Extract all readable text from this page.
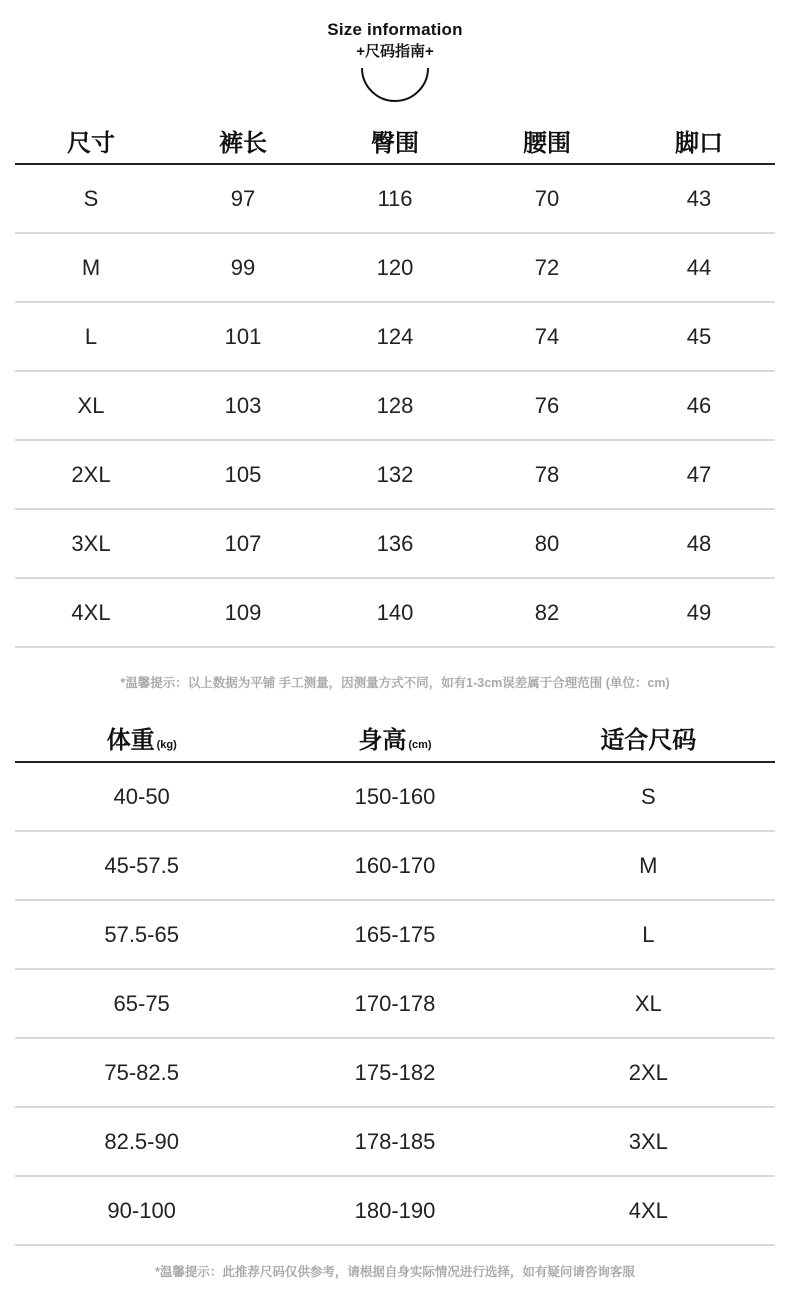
Size information
+尺码指南+
尺寸	裤长	臀围	腰围	脚口
S	97	116	70	43
M	99	120	72	44
L	101	124	74	45
XL	103	128	76	46
2XL	105	132	78	47
3XL	107	136	80	48
4XL	109	140	82	49
*温馨提示：以上数据为平铺 手工测量，因测量方式不同，如有1-3cm误差属于合理范围 (单位：cm)
体重 (kg)	身高 (cm)	适合尺码
40-50	150-160	S
45-57.5	160-170	M
57.5-65	165-175	L
65-75	170-178	XL
75-82.5	175-182	2XL
82.5-90	178-185	3XL
90-100	180-190	4XL
*温馨提示：此推荐尺码仅供参考，请根据自身实际情况进行选择，如有疑问请咨询客服
